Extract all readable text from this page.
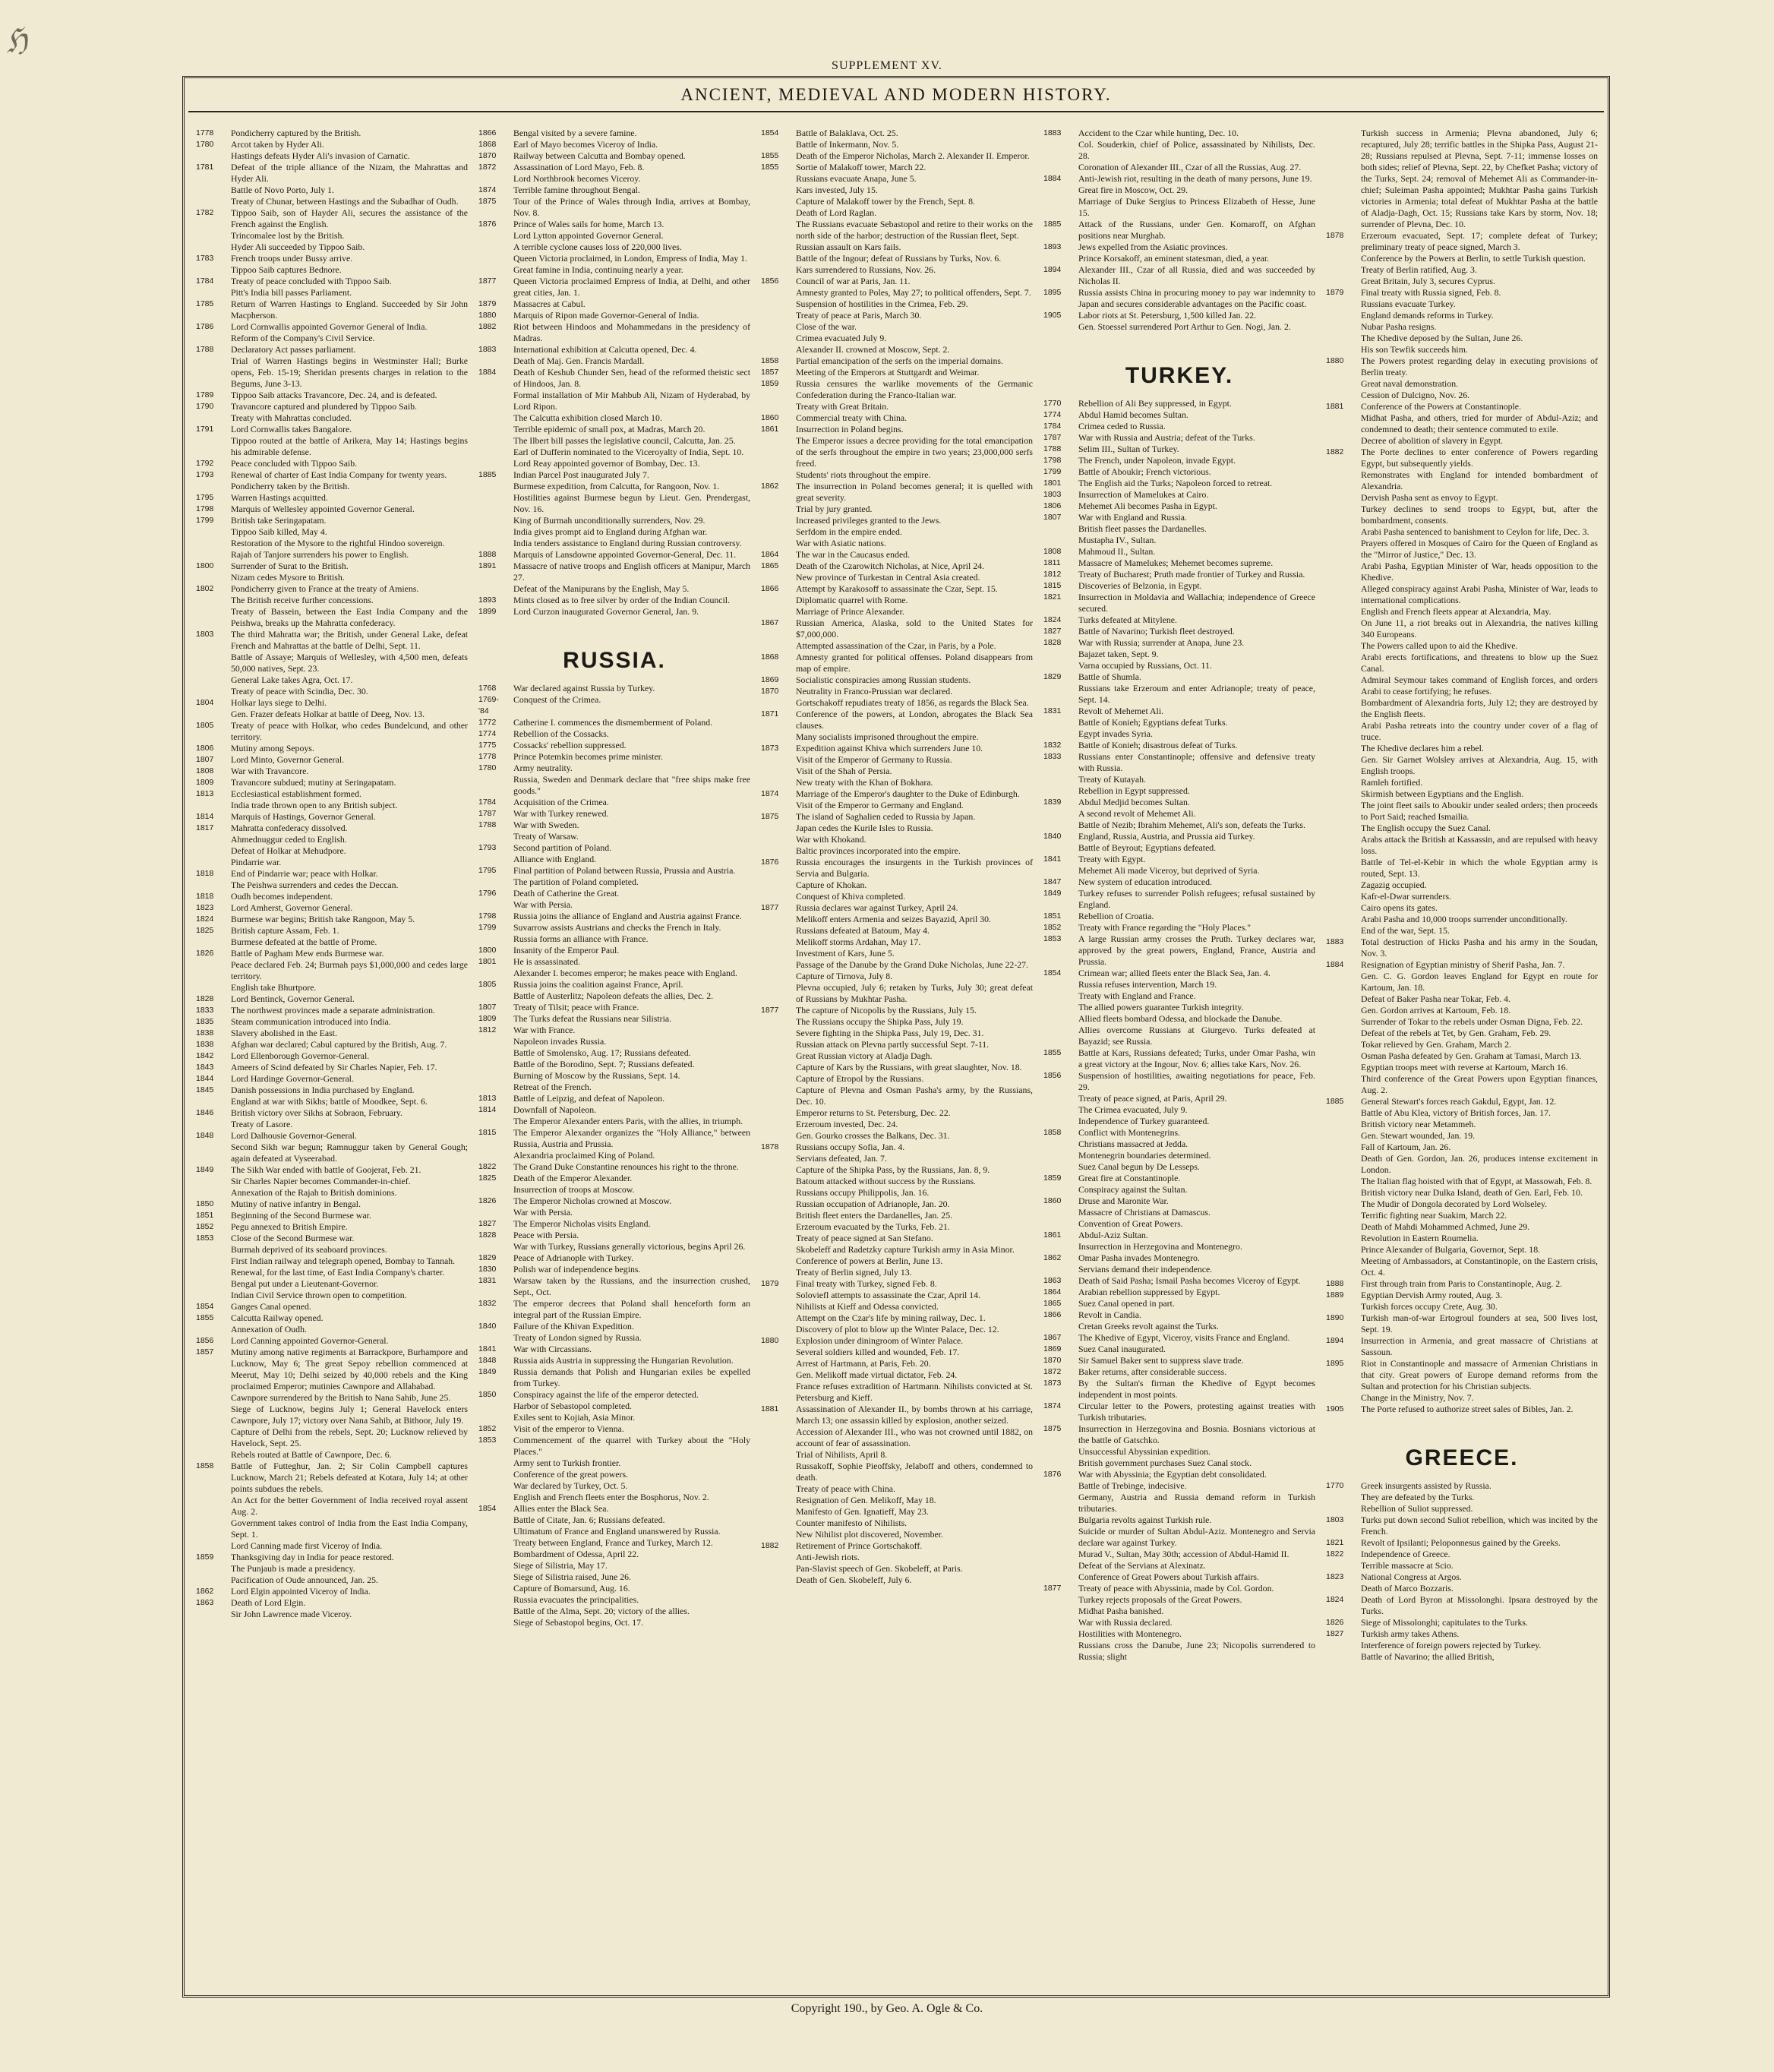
ℌ
SUPPLEMENT XV.
ANCIENT, MEDIEVAL AND MODERN HISTORY.
1778	Pondicherry captured by the British.
1780	Arcot taken by Hyder Ali.
Hastings defeats Hyder Ali's invasion of Carnatic.
1781	Defeat of the triple alliance of the Nizam, the Mahrattas and Hyder Ali.
Battle of Novo Porto, July 1.
Treaty of Chunar, between Hastings and the Subadhar of Oudh.
1782	Tippoo Saib, son of Hayder Ali, secures the assistance of the French against the English.
Trincomalee lost by the British.
Hyder Ali succeeded by Tippoo Saib.
1783	French troops under Bussy arrive.
Tippoo Saib captures Bednore.
1784	Treaty of peace concluded with Tippoo Saib.
Pitt's India bill passes Parliament.
1785	Return of Warren Hastings to England. Succeeded by Sir John Macpherson.
1786	Lord Cornwallis appointed Governor General of India.
Reform of the Company's Civil Service.
1788	Declaratory Act passes parliament.
Trial of Warren Hastings begins in Westminster Hall; Burke opens, Feb. 15-19; Sheridan presents charges in relation to the Begums, June 3-13.
1789	Tippoo Saib attacks Travancore, Dec. 24, and is defeated.
1790	Travancore captured and plundered by Tippoo Saib.
Treaty with Mahrattas concluded.
1791	Lord Cornwallis takes Bangalore.
Tippoo routed at the battle of Arikera, May 14; Hastings begins his admirable defense.
1792	Peace concluded with Tippoo Saib.
1793	Renewal of charter of East India Company for twenty years.
Pondicherry taken by the British.
1795	Warren Hastings acquitted.
1798	Marquis of Wellesley appointed Governor General.
1799	British take Seringapatam.
Tippoo Saib killed, May 4.
Restoration of the Mysore to the rightful Hindoo sovereign.
Rajah of Tanjore surrenders his power to English.
1800	Surrender of Surat to the British.
Nizam cedes Mysore to British.
1802	Pondicherry given to France at the treaty of Amiens.
The British receive further concessions.
Treaty of Bassein, between the East India Company and the Peishwa, breaks up the Mahratta confederacy.
1803	The third Mahratta war; the British, under General Lake, defeat French and Mahrattas at the battle of Delhi, Sept. 11.
Battle of Assaye; Marquis of Wellesley, with 4,500 men, defeats 50,000 natives, Sept. 23.
General Lake takes Agra, Oct. 17.
Treaty of peace with Scindia, Dec. 30.
1804	Holkar lays siege to Delhi.
Gen. Frazer defeats Holkar at battle of Deeg, Nov. 13.
1805	Treaty of peace with Holkar, who cedes Bundelcund, and other territory.
1806	Mutiny among Sepoys.
1807	Lord Minto, Governor General.
1808	War with Travancore.
1809	Travancore subdued; mutiny at Seringapatam.
1813	Ecclesiastical establishment formed.
India trade thrown open to any British subject.
1814	Marquis of Hastings, Governor General.
1817	Mahratta confederacy dissolved.
Ahmednuggur ceded to English.
Defeat of Holkar at Mehudpore.
Pindarrie war.
1818	End of Pindarrie war; peace with Holkar.
The Peishwa surrenders and cedes the Deccan.
1818	Oudh becomes independent.
1823	Lord Amherst, Governor General.
1824	Burmese war begins; British take Rangoon, May 5.
1825	British capture Assam, Feb. 1.
Burmese defeated at the battle of Prome.
1826	Battle of Pagham Mew ends Burmese war.
Peace declared Feb. 24; Burmah pays $1,000,000 and cedes large territory.
English take Bhurtpore.
1828	Lord Bentinck, Governor General.
1833	The northwest provinces made a separate administration.
1835	Steam communication introduced into India.
1838	Slavery abolished in the East.
1838	Afghan war declared; Cabul captured by the British, Aug. 7.
1842	Lord Ellenborough Governor-General.
1843	Ameers of Scind defeated by Sir Charles Napier, Feb. 17.
1844	Lord Hardinge Governor-General.
1845	Danish possessions in India purchased by England.
England at war with Sikhs; battle of Moodkee, Sept. 6.
1846	British victory over Sikhs at Sobraon, February.
Treaty of Lasore.
1848	Lord Dalhousie Governor-General.
Second Sikh war begun; Ramnuggur taken by General Gough; again defeated at Vyseerabad.
1849	The Sikh War ended with battle of Goojerat, Feb. 21.
Sir Charles Napier becomes Commander-in-chief.
Annexation of the Rajah to British dominions.
1850	Mutiny of native infantry in Bengal.
1851	Beginning of the Second Burmese war.
1852	Pegu annexed to British Empire.
1853	Close of the Second Burmese war.
Burmah deprived of its seaboard provinces.
First Indian railway and telegraph opened, Bombay to Tannah.
Renewal, for the last time, of East India Company's charter.
Bengal put under a Lieutenant-Governor.
Indian Civil Service thrown open to competition.
1854	Ganges Canal opened.
1855	Calcutta Railway opened.
Annexation of Oudh.
1856	Lord Canning appointed Governor-General.
1857	Mutiny among native regiments at Barrackpore, Burhampore and Lucknow, May 6; The great Sepoy rebellion commenced at Meerut, May 10; Delhi seized by 40,000 rebels and the King proclaimed Emperor; mutinies Cawnpore and Allahabad.
Cawnpore surrendered by the British to Nana Sahib, June 25.
Siege of Lucknow, begins July 1; General Havelock enters Cawnpore, July 17; victory over Nana Sahib, at Bithoor, July 19.
Capture of Delhi from the rebels, Sept. 20; Lucknow relieved by Havelock, Sept. 25.
Rebels routed at Battle of Cawnpore, Dec. 6.
1858	Battle of Futteghur, Jan. 2; Sir Colin Campbell captures Lucknow, March 21; Rebels defeated at Kotara, July 14; at other points subdues the rebels.
An Act for the better Government of India received royal assent Aug. 2.
Government takes control of India from the East India Company, Sept. 1.
Lord Canning made first Viceroy of India.
1859	Thanksgiving day in India for peace restored.
The Punjaub is made a presidency.
Pacification of Oude announced, Jan. 25.
1862	Lord Elgin appointed Viceroy of India.
1863	Death of Lord Elgin.
Sir John Lawrence made Viceroy.
1866	Bengal visited by a severe famine.
1868	Earl of Mayo becomes Viceroy of India.
1870	Railway between Calcutta and Bombay opened.
1872	Assassination of Lord Mayo, Feb. 8.
Lord Northbrook becomes Viceroy.
1874	Terrible famine throughout Bengal.
1875	Tour of the Prince of Wales through India, arrives at Bombay, Nov. 8.
1876	Prince of Wales sails for home, March 13.
Lord Lytton appointed Governor General.
A terrible cyclone causes loss of 220,000 lives.
Queen Victoria proclaimed, in London, Empress of India, May 1.
Great famine in India, continuing nearly a year.
1877	Queen Victoria proclaimed Empress of India, at Delhi, and other great cities, Jan. 1.
1879	Massacres at Cabul.
1880	Marquis of Ripon made Governor-General of India.
1882	Riot between Hindoos and Mohammedans in the presidency of Madras.
1883	International exhibition at Calcutta opened, Dec. 4.
Death of Maj. Gen. Francis Mardall.
1884	Death of Keshub Chunder Sen, head of the reformed theistic sect of Hindoos, Jan. 8.
Formal installation of Mir Mahbub Ali, Nizam of Hyderabad, by Lord Ripon.
The Calcutta exhibition closed March 10.
Terrible epidemic of small pox, at Madras, March 20.
The Ilbert bill passes the legislative council, Calcutta, Jan. 25.
Earl of Dufferin nominated to the Viceroyalty of India, Sept. 10.
Lord Reay appointed governor of Bombay, Dec. 13.
1885	Indian Parcel Post inaugurated July 7.
Burmese expedition, from Calcutta, for Rangoon, Nov. 1.
Hostilities against Burmese begun by Lieut. Gen. Prendergast, Nov. 16.
King of Burmah unconditionally surrenders, Nov. 29.
India gives prompt aid to England during Afghan war.
India tenders assistance to England during Russian controversy.
1888	Marquis of Lansdowne appointed Governor-General, Dec. 11.
1891	Massacre of native troops and English officers at Manipur, March 27.
Defeat of the Manipurans by the English, May 5.
1893	Mints closed as to free silver by order of the Indian Council.
1899	Lord Curzon inaugurated Governor General, Jan. 9.
RUSSIA.
1768	War declared against Russia by Turkey.
1769-'84
Conquest of the Crimea.
1772	Catherine I. commences the dismemberment of Poland.
1774	Rebellion of the Cossacks.
1775	Cossacks' rebellion suppressed.
1778	Prince Potemkin becomes prime minister.
1780	Army neutrality.
Russia, Sweden and Denmark declare that "free ships make free goods."
1784	Acquisition of the Crimea.
1787	War with Turkey renewed.
1788	War with Sweden.
Treaty of Warsaw.
1793	Second partition of Poland.
Alliance with England.
1795	Final partition of Poland between Russia, Prussia and Austria.
The partition of Poland completed.
1796	Death of Catherine the Great.
War with Persia.
1798	Russia joins the alliance of England and Austria against France.
1799	Suvarrow assists Austrians and checks the French in Italy.
Russia forms an alliance with France.
1800	Insanity of the Emperor Paul.
1801	He is assassinated.
Alexander I. becomes emperor; he makes peace with England.
1805	Russia joins the coalition against France, April.
Battle of Austerlitz; Napoleon defeats the allies, Dec. 2.
1807	Treaty of Tilsit; peace with France.
1809	The Turks defeat the Russians near Silistria.
1812	War with France.
Napoleon invades Russia.
Battle of Smolensko, Aug. 17; Russians defeated.
Battle of the Borodino, Sept. 7; Russians defeated.
Burning of Moscow by the Russians, Sept. 14.
Retreat of the French.
1813	Battle of Leipzig, and defeat of Napoleon.
1814	Downfall of Napoleon.
The Emperor Alexander enters Paris, with the allies, in triumph.
1815	The Emperor Alexander organizes the "Holy Alliance," between Russia, Austria and Prussia.
Alexandria proclaimed King of Poland.
1822	The Grand Duke Constantine renounces his right to the throne.
1825	Death of the Emperor Alexander.
Insurrection of troops at Moscow.
1826	The Emperor Nicholas crowned at Moscow.
War with Persia.
1827	The Emperor Nicholas visits England.
1828	Peace with Persia.
War with Turkey, Russians generally victorious, begins April 26.
1829	Peace of Adrianople with Turkey.
1830	Polish war of independence begins.
1831	Warsaw taken by the Russians, and the insurrection crushed, Sept., Oct.
1832	The emperor decrees that Poland shall henceforth form an integral part of the Russian Empire.
1840	Failure of the Khivan Expedition.
Treaty of London signed by Russia.
1841	War with Circassians.
1848	Russia aids Austria in suppressing the Hungarian Revolution.
1849	Russia demands that Polish and Hungarian exiles be expelled from Turkey.
1850	Conspiracy against the life of the emperor detected.
Harbor of Sebastopol completed.
Exiles sent to Kojiah, Asia Minor.
1852	Visit of the emperor to Vienna.
1853	Commencement of the quarrel with Turkey about the "Holy Places."
Army sent to Turkish frontier.
Conference of the great powers.
War declared by Turkey, Oct. 5.
English and French fleets enter the Bosphorus, Nov. 2.
1854	Allies enter the Black Sea.
Battle of Citate, Jan. 6; Russians defeated.
Ultimatum of France and England unanswered by Russia.
Treaty between England, France and Turkey, March 12.
Bombardment of Odessa, April 22.
Siege of Silistria, May 17.
Siege of Silistria raised, June 26.
Capture of Bomarsund, Aug. 16.
Russia evacuates the principalities.
Battle of the Alma, Sept. 20; victory of the allies.
Siege of Sebastopol begins, Oct. 17.
1854	Battle of Balaklava, Oct. 25.
Battle of Inkermann, Nov. 5.
1855	Death of the Emperor Nicholas, March 2. Alexander II. Emperor.
1855	Sortie of Malakoff tower, March 22.
Russians evacuate Anapa, June 5.
Kars invested, July 15.
Capture of Malakoff tower by the French, Sept. 8.
Death of Lord Raglan.
The Russians evacuate Sebastopol and retire to their works on the north side of the harbor; destruction of the Russian fleet, Sept.
Russian assault on Kars fails.
Battle of the Ingour; defeat of Russians by Turks, Nov. 6.
Kars surrendered to Russians, Nov. 26.
1856	Council of war at Paris, Jan. 11.
Amnesty granted to Poles, May 27; to political offenders, Sept. 7.
Suspension of hostilities in the Crimea, Feb. 29.
Treaty of peace at Paris, March 30.
Close of the war.
Crimea evacuated July 9.
Alexander II. crowned at Moscow, Sept. 2.
1858	Partial emancipation of the serfs on the imperial domains.
1857	Meeting of the Emperors at Stuttgardt and Weimar.
1859	Russia censures the warlike movements of the Germanic Confederation during the Franco-Italian war.
Treaty with Great Britain.
1860	Commercial treaty with China.
1861	Insurrection in Poland begins.
The Emperor issues a decree providing for the total emancipation of the serfs throughout the empire in two years; 23,000,000 serfs freed.
Students' riots throughout the empire.
1862	The insurrection in Poland becomes general; it is quelled with great severity.
Trial by jury granted.
Increased privileges granted to the Jews.
Serfdom in the empire ended.
War with Asiatic nations.
1864	The war in the Caucasus ended.
1865	Death of the Czarowitch Nicholas, at Nice, April 24.
New province of Turkestan in Central Asia created.
1866	Attempt by Karakosoff to assassinate the Czar, Sept. 15.
Diplomatic quarrel with Rome.
Marriage of Prince Alexander.
1867	Russian America, Alaska, sold to the United States for $7,000,000.
Attempted assassination of the Czar, in Paris, by a Pole.
1868	Amnesty granted for political offenses. Poland disappears from map of empire.
1869	Socialistic conspiracies among Russian students.
1870	Neutrality in Franco-Prussian war declared.
Gortschakoff repudiates treaty of 1856, as regards the Black Sea.
1871	Conference of the powers, at London, abrogates the Black Sea clauses.
Many socialists imprisoned throughout the empire.
1873	Expedition against Khiva which surrenders June 10.
Visit of the Emperor of Germany to Russia.
Visit of the Shah of Persia.
New treaty with the Khan of Bokhara.
1874	Marriage of the Emperor's daughter to the Duke of Edinburgh.
Visit of the Emperor to Germany and England.
1875	The island of Saghalien ceded to Russia by Japan.
Japan cedes the Kurile Isles to Russia.
War with Khokand.
Baltic provinces incorporated into the empire.
1876	Russia encourages the insurgents in the Turkish provinces of Servia and Bulgaria.
Capture of Khokan.
Conquest of Khiva completed.
1877	Russia declares war against Turkey, April 24.
Melikoff enters Armenia and seizes Bayazid, April 30.
Russians defeated at Batoum, May 4.
Melikoff storms Ardahan, May 17.
Investment of Kars, June 5.
Passage of the Danube by the Grand Duke Nicholas, June 22-27.
Capture of Tirnova, July 8.
Plevna occupied, July 6; retaken by Turks, July 30; great defeat of Russians by Mukhtar Pasha.
1877	The capture of Nicopolis by the Russians, July 15.
The Russians occupy the Shipka Pass, July 19.
Severe fighting in the Shipka Pass, July 19, Dec. 31.
Russian attack on Plevna partly successful Sept. 7-11.
Great Russian victory at Aladja Dagh.
Capture of Kars by the Russians, with great slaughter, Nov. 18.
Capture of Etropol by the Russians.
Capture of Plevna and Osman Pasha's army, by the Russians, Dec. 10.
Emperor returns to St. Petersburg, Dec. 22.
Erzeroum invested, Dec. 24.
Gen. Gourko crosses the Balkans, Dec. 31.
1878	Russians occupy Sofia, Jan. 4.
Servians defeated, Jan. 7.
Capture of the Shipka Pass, by the Russians, Jan. 8, 9.
Batoum attacked without success by the Russians.
Russians occupy Philippolis, Jan. 16.
Russian occupation of Adrianople, Jan. 20.
British fleet enters the Dardanelles, Jan. 25.
Erzeroum evacuated by the Turks, Feb. 21.
Treaty of peace signed at San Stefano.
Skobeleff and Radetzky capture Turkish army in Asia Minor.
Conference of powers at Berlin, June 13.
Treaty of Berlin signed, July 13.
1879	Final treaty with Turkey, signed Feb. 8.
Soloviefl attempts to assassinate the Czar, April 14.
Nihilists at Kieff and Odessa convicted.
Attempt on the Czar's life by mining railway, Dec. 1.
Discovery of plot to blow up the Winter Palace, Dec. 12.
1880	Explosion under diningroom of Winter Palace.
Several soldiers killed and wounded, Feb. 17.
Arrest of Hartmann, at Paris, Feb. 20.
Gen. Melikoff made virtual dictator, Feb. 24.
France refuses extradition of Hartmann. Nihilists convicted at St. Petersburg and Kieff.
1881	Assassination of Alexander II., by bombs thrown at his carriage, March 13; one assassin killed by explosion, another seized.
Accession of Alexander III., who was not crowned until 1882, on account of fear of assassination.
Trial of Nihilists, April 8.
Russakoff, Sophie Pieoffsky, Jelaboff and others, condemned to death.
Treaty of peace with China.
Resignation of Gen. Melikoff, May 18.
Manifesto of Gen. Ignatieff, May 23.
Counter manifesto of Nihilists.
New Nihilist plot discovered, November.
1882	Retirement of Prince Gortschakoff.
Anti-Jewish riots.
Pan-Slavist speech of Gen. Skobeleff, at Paris.
Death of Gen. Skobeleff, July 6.
1883	Accident to the Czar while hunting, Dec. 10.
Col. Souderkin, chief of Police, assassinated by Nihilists, Dec. 28.
Coronation of Alexander III., Czar of all the Russias, Aug. 27.
1884	Anti-Jewish riot, resulting in the death of many persons, June 19.
Great fire in Moscow, Oct. 29.
Marriage of Duke Sergius to Princess Elizabeth of Hesse, June 15.
1885	Attack of the Russians, under Gen. Komaroff, on Afghan positions near Murghab.
1893	Jews expelled from the Asiatic provinces.
Prince Korsakoff, an eminent statesman, died, a year.
1894	Alexander III., Czar of all Russia, died and was succeeded by Nicholas II.
1895	Russia assists China in procuring money to pay war indemnity to Japan and secures considerable advantages on the Pacific coast.
1905	Labor riots at St. Petersburg, 1,500 killed Jan. 22.
Gen. Stoessel surrendered Port Arthur to Gen. Nogi, Jan. 2.
TURKEY.
1770	Rebellion of Ali Bey suppressed, in Egypt.
1774	Abdul Hamid becomes Sultan.
1784	Crimea ceded to Russia.
1787	War with Russia and Austria; defeat of the Turks.
1788	Selim III., Sultan of Turkey.
1798	The French, under Napoleon, invade Egypt.
1799	Battle of Aboukir; French victorious.
1801	The English aid the Turks; Napoleon forced to retreat.
1803	Insurrection of Mamelukes at Cairo.
1806	Mehemet Ali becomes Pasha in Egypt.
1807	War with England and Russia.
British fleet passes the Dardanelles.
Mustapha IV., Sultan.
1808	Mahmoud II., Sultan.
1811	Massacre of Mamelukes; Mehemet becomes supreme.
1812	Treaty of Bucharest; Pruth made frontier of Turkey and Russia.
1815	Discoveries of Belzonia, in Egypt.
1821	Insurrection in Moldavia and Wallachia; independence of Greece secured.
1824	Turks defeated at Mitylene.
1827	Battle of Navarino; Turkish fleet destroyed.
1828	War with Russia; surrender at Anapa, June 23.
Bajazet taken, Sept. 9.
Varna occupied by Russians, Oct. 11.
1829	Battle of Shumla.
Russians take Erzeroum and enter Adrianople; treaty of peace, Sept. 14.
1831	Revolt of Mehemet Ali.
Battle of Konieh; Egyptians defeat Turks.
Egypt invades Syria.
1832	Battle of Konieh; disastrous defeat of Turks.
1833	Russians enter Constantinople; offensive and defensive treaty with Russia.
Treaty of Kutayah.
Rebellion in Egypt suppressed.
1839	Abdul Medjid becomes Sultan.
A second revolt of Mehemet Ali.
Battle of Nezib; Ibrahim Mehemet, Ali's son, defeats the Turks.
1840	England, Russia, Austria, and Prussia aid Turkey.
Battle of Beyrout; Egyptians defeated.
1841	Treaty with Egypt.
Mehemet Ali made Viceroy, but deprived of Syria.
1847	New system of education introduced.
1849	Turkey refuses to surrender Polish refugees; refusal sustained by England.
1851	Rebellion of Croatia.
1852	Treaty with France regarding the "Holy Places."
1853	A large Russian army crosses the Pruth. Turkey declares war, approved by the great powers, England, France, Austria and Prussia.
1854	Crimean war; allied fleets enter the Black Sea, Jan. 4.
Russia refuses intervention, March 19.
Treaty with England and France.
The allied powers guarantee Turkish integrity.
Allied fleets bombard Odessa, and blockade the Danube.
Allies overcome Russians at Giurgevo. Turks defeated at Bayazid; see Russia.
1855	Battle at Kars, Russians defeated; Turks, under Omar Pasha, win a great victory at the Ingour, Nov. 6; allies take Kars, Nov. 26.
1856	Suspension of hostilities, awaiting negotiations for peace, Feb. 29.
Treaty of peace signed, at Paris, April 29.
The Crimea evacuated, July 9.
Independence of Turkey guaranteed.
1858	Conflict with Montenegrins.
Christians massacred at Jedda.
Montenegrin boundaries determined.
Suez Canal begun by De Lesseps.
1859	Great fire at Constantinople.
Conspiracy against the Sultan.
1860	Druse and Maronite War.
Massacre of Christians at Damascus.
Convention of Great Powers.
1861	Abdul-Aziz Sultan.
Insurrection in Herzegovina and Montenegro.
1862	Omar Pasha invades Montenegro.
Servians demand their independence.
1863	Death of Said Pasha; Ismail Pasha becomes Viceroy of Egypt.
1864	Arabian rebellion suppressed by Egypt.
1865	Suez Canal opened in part.
1866	Revolt in Candia.
Cretan Greeks revolt against the Turks.
1867	The Khedive of Egypt, Viceroy, visits France and England.
1869	Suez Canal inaugurated.
1870	Sir Samuel Baker sent to suppress slave trade.
1872	Baker returns, after considerable success.
1873	By the Sultan's firman the Khedive of Egypt becomes independent in most points.
1874	Circular letter to the Powers, protesting against treaties with Turkish tributaries.
1875	Insurrection in Herzegovina and Bosnia. Bosnians victorious at the battle of Gatschko.
Unsuccessful Abyssinian expedition.
British government purchases Suez Canal stock.
1876	War with Abyssinia; the Egyptian debt consolidated.
Battle of Trebinge, indecisive.
Germany, Austria and Russia demand reform in Turkish tributaries.
Bulgaria revolts against Turkish rule.
Suicide or murder of Sultan Abdul-Aziz. Montenegro and Servia declare war against Turkey.
Murad V., Sultan, May 30th; accession of Abdul-Hamid II.
Defeat of the Servians at Alexinatz.
Conference of Great Powers about Turkish affairs.
1877	Treaty of peace with Abyssinia, made by Col. Gordon.
Turkey rejects proposals of the Great Powers.
Midhat Pasha banished.
War with Russia declared.
Hostilities with Montenegro.
Russians cross the Danube, June 23; Nicopolis surrendered to Russia; slight
Turkish success in Armenia; Plevna abandoned, July 6; recaptured, July 28; terrific battles in the Shipka Pass, August 21-28; Russians repulsed at Plevna, Sept. 7-11; immense losses on both sides; relief of Plevna, Sept. 22, by Chefket Pasha; victory of the Turks, Sept. 24; removal of Mehemet Ali as Commander-in-chief; Suleiman Pasha appointed; Mukhtar Pasha gains Turkish victories in Armenia; total defeat of Mukhtar Pasha at the battle of Aladja-Dagh, Oct. 15; Russians take Kars by storm, Nov. 18; surrender of Plevna, Dec. 10.
1878	Erzeroum evacuated, Sept. 17; complete defeat of Turkey; preliminary treaty of peace signed, March 3.
Conference by the Powers at Berlin, to settle Turkish question.
Treaty of Berlin ratified, Aug. 3.
Great Britain, July 3, secures Cyprus.
1879	Final treaty with Russia signed, Feb. 8.
Russians evacuate Turkey.
England demands reforms in Turkey.
Nubar Pasha resigns.
The Khedive deposed by the Sultan, June 26.
His son Tewfik succeeds him.
1880	The Powers protest regarding delay in executing provisions of Berlin treaty.
Great naval demonstration.
Cession of Dulcigno, Nov. 26.
1881	Conference of the Powers at Constantinople.
Midhat Pasha, and others, tried for murder of Abdul-Aziz; and condemned to death; their sentence commuted to exile.
Decree of abolition of slavery in Egypt.
1882	The Porte declines to enter conference of Powers regarding Egypt, but subsequently yields.
Remonstrates with England for intended bombardment of Alexandria.
Dervish Pasha sent as envoy to Egypt.
Turkey declines to send troops to Egypt, but, after the bombardment, consents.
Arabi Pasha sentenced to banishment to Ceylon for life, Dec. 3.
Prayers offered in Mosques of Cairo for the Queen of England as the "Mirror of Justice," Dec. 13.
Arabi Pasha, Egyptian Minister of War, heads opposition to the Khedive.
Alleged conspiracy against Arabi Pasha, Minister of War, leads to international complications.
English and French fleets appear at Alexandria, May.
On June 11, a riot breaks out in Alexandria, the natives killing 340 Europeans.
The Powers called upon to aid the Khedive.
Arabi erects fortifications, and threatens to blow up the Suez Canal.
Admiral Seymour takes command of English forces, and orders Arabi to cease fortifying; he refuses.
Bombardment of Alexandria forts, July 12; they are destroyed by the English fleets.
Arabi Pasha retreats into the country under cover of a flag of truce.
The Khedive declares him a rebel.
Gen. Sir Garnet Wolsley arrives at Alexandria, Aug. 15, with English troops.
Ramleh fortified.
Skirmish between Egyptians and the English.
The joint fleet sails to Aboukir under sealed orders; then proceeds to Port Said; reached Ismailia.
The English occupy the Suez Canal.
Arabs attack the British at Kassassin, and are repulsed with heavy loss.
Battle of Tel-el-Kebir in which the whole Egyptian army is routed, Sept. 13.
Zagazig occupied.
Kafr-el-Dwar surrenders.
Cairo opens its gates.
Arabi Pasha and 10,000 troops surrender unconditionally.
End of the war, Sept. 15.
1883	Total destruction of Hicks Pasha and his army in the Soudan, Nov. 3.
1884	Resignation of Egyptian ministry of Sherif Pasha, Jan. 7.
Gen. C. G. Gordon leaves England for Egypt en route for Kartoum, Jan. 18.
Defeat of Baker Pasha near Tokar, Feb. 4.
Gen. Gordon arrives at Kartoum, Feb. 18.
Surrender of Tokar to the rebels under Osman Digna, Feb. 22.
Defeat of the rebels at Tet, by Gen. Graham, Feb. 29.
Tokar relieved by Gen. Graham, March 2.
Osman Pasha defeated by Gen. Graham at Tamasi, March 13.
Egyptian troops meet with reverse at Kartoum, March 16.
Third conference of the Great Powers upon Egyptian finances, Aug. 2.
1885	General Stewart's forces reach Gakdul, Egypt, Jan. 12.
Battle of Abu Klea, victory of British forces, Jan. 17.
British victory near Metammeh.
Gen. Stewart wounded, Jan. 19.
Fall of Kartoum, Jan. 26.
Death of Gen. Gordon, Jan. 26, produces intense excitement in London.
The Italian flag hoisted with that of Egypt, at Massowah, Feb. 8.
British victory near Dulka Island, death of Gen. Earl, Feb. 10.
The Mudir of Dongola decorated by Lord Wolseley.
Terrific fighting near Suakim, March 22.
Death of Mahdi Mohammed Achmed, June 29.
Revolution in Eastern Roumelia.
Prince Alexander of Bulgaria, Governor, Sept. 18.
Meeting of Ambassadors, at Constantinople, on the Eastern crisis, Oct. 4.
1888	First through train from Paris to Constantinople, Aug. 2.
1889	Egyptian Dervish Army routed, Aug. 3.
Turkish forces occupy Crete, Aug. 30.
1890	Turkish man-of-war Ertogroul founders at sea, 500 lives lost, Sept. 19.
1894	Insurrection in Armenia, and great massacre of Christians at Sassoun.
1895	Riot in Constantinople and massacre of Armenian Christians in that city. Great powers of Europe demand reforms from the Sultan and protection for his Christian subjects.
Change in the Ministry, Nov. 7.
1905	The Porte refused to authorize street sales of Bibles, Jan. 2.
GREECE.
1770	Greek insurgents assisted by Russia.
They are defeated by the Turks.
Rebellion of Suliot suppressed.
1803	Turks put down second Suliot rebellion, which was incited by the French.
1821	Revolt of Ipsilanti; Peloponnesus gained by the Greeks.
1822	Independence of Greece.
Terrible massacre at Scio.
1823	National Congress at Argos.
Death of Marco Bozzaris.
1824	Death of Lord Byron at Missolonghi. Ipsara destroyed by the Turks.
1826	Siege of Missolonghi; capitulates to the Turks.
1827	Turkish army takes Athens.
Interference of foreign powers rejected by Turkey.
Battle of Navarino; the allied British,
Copyright 190., by Geo. A. Ogle & Co.
